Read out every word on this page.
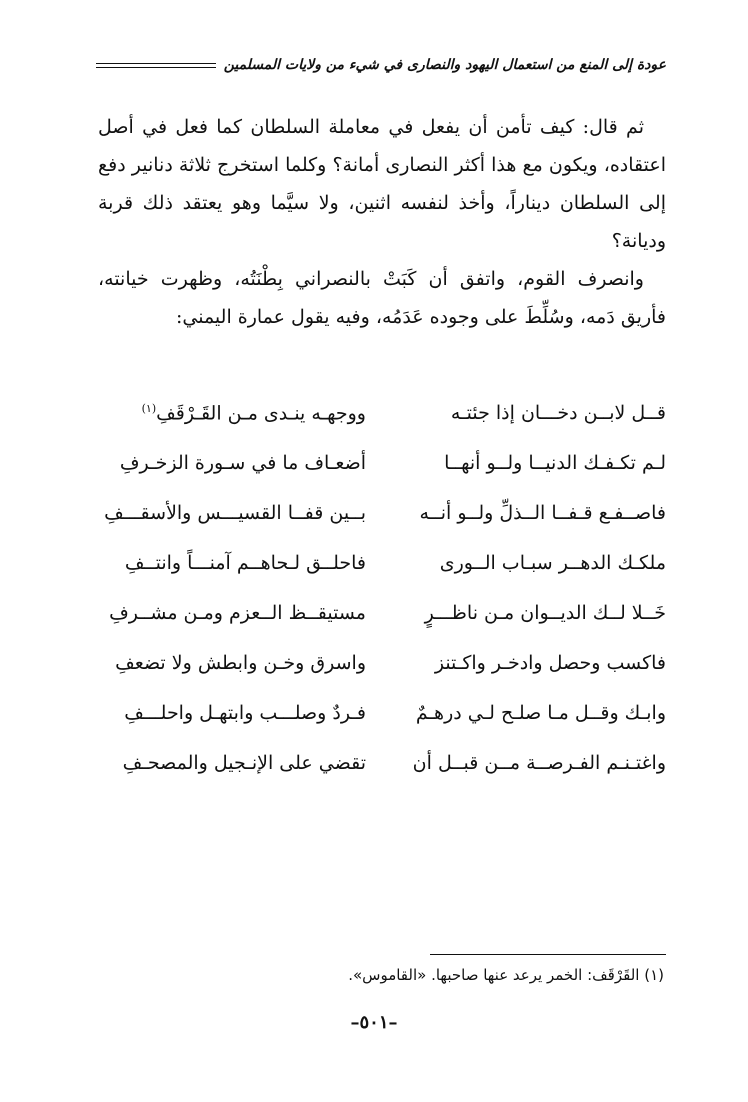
عودة إلى المنع من استعمال اليهود والنصارى في شيء من ولايات المسلمين

ثم قال: كيف تأمن أن يفعل في معاملة السلطان كما فعل في أصل اعتقاده، ويكون مع هذا أكثر النصارى أمانة؟ وكلما استخرج ثلاثة دنانير دفع إلى السلطان ديناراً، وأخذ لنفسه اثنين، ولا سيَّما وهو يعتقد ذلك قربة وديانة؟

وانصرف القوم، واتفق أن كَبَتْ بالنصراني بِطْنَتُه، وظهرت خيانته، فأريق دَمه، وسُلِّطَ على وجوده عَدَمُه، وفيه يقول عمارة اليمني:

قــل لابــن دخـــان إذا جئتـه
ووجهـه ينـدى مـن القَـرْقَفِ$^{(١)}$
لـم تكـفـك الدنيــا ولــو أنهــا
أضعـاف ما في سـورة الزخـرفِ
فاصــفـع قـفــا الــذلِّ ولــو أنــه
بــين قفــا القسيـــس والأسقـــفِ
ملكـك الدهــر سبـاب الــورى
فاحلــق لـحاهــم آمنـــاً وانتــفِ
خَــلا لــك الديــوان مـن ناظـــرٍ
مستيقــظ الــعزم ومـن مشــرفِ
فاكسب وحصل وادخـر واكـتنز
واسرق وخـن وابطش ولا تضعفِ
وابـك وقــل مـا صلـح لـي درهـمٌ
فـردٌ وصلـــب وابتهـل واحلـــفِ
واغتـنـم الفـرصــة مــن قبــل أن
تقضي على الإنـجيل والمصحـفِ
(١) القَرْقَف: الخمر يرعد عنها صاحبها. «القاموس».
–٥٠١–
